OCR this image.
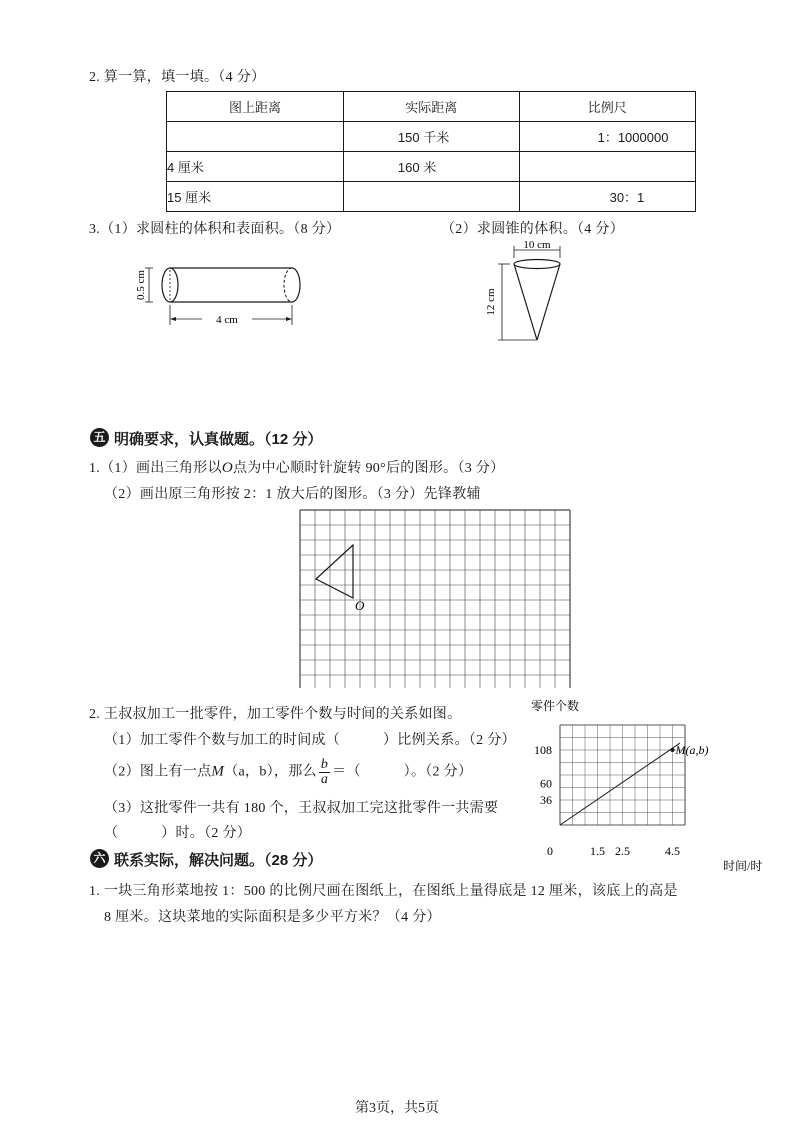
2. 算一算，填一填。（4 分）
图上距离	实际距离	比例尺
	150 千米	1：1000000
4 厘米	160 米	
15 厘米		30：1
3.（1）求圆柱的体积和表面积。（8 分）	（2）求圆锥的体积。（4 分）
0.5 cm
4 cm
10 cm
12 cm
五 明确要求，认真做题。（12 分）
1.（1）画出三角形以O点为中心顺时针旋转 90°后的图形。（3 分）
（2）画出原三角形按 2：1 放大后的图形。（3 分）先锋教辅
O
2. 王叔叔加工一批零件，加工零件个数与时间的关系如图。
（1）加工零件个数与加工的时间成（　　　）比例关系。（2 分）
（2）图上有一点M（a，b），那么 $\frac{b}{a}$ ＝（　　　）。（2 分）
（3）这批零件一共有 180 个，王叔叔加工完这批零件一共需要
（　　　）时。（2 分）
零件个数
0	1.5 2.5	4.5
36
60
108	M(a,b)
时间/时
六 联系实际，解决问题。（28 分）
1. 一块三角形菜地按 1：500 的比例尺画在图纸上，在图纸上量得底是 12 厘米，该底上的高是
8 厘米。这块菜地的实际面积是多少平方米？（4 分）
第3页，共5页
